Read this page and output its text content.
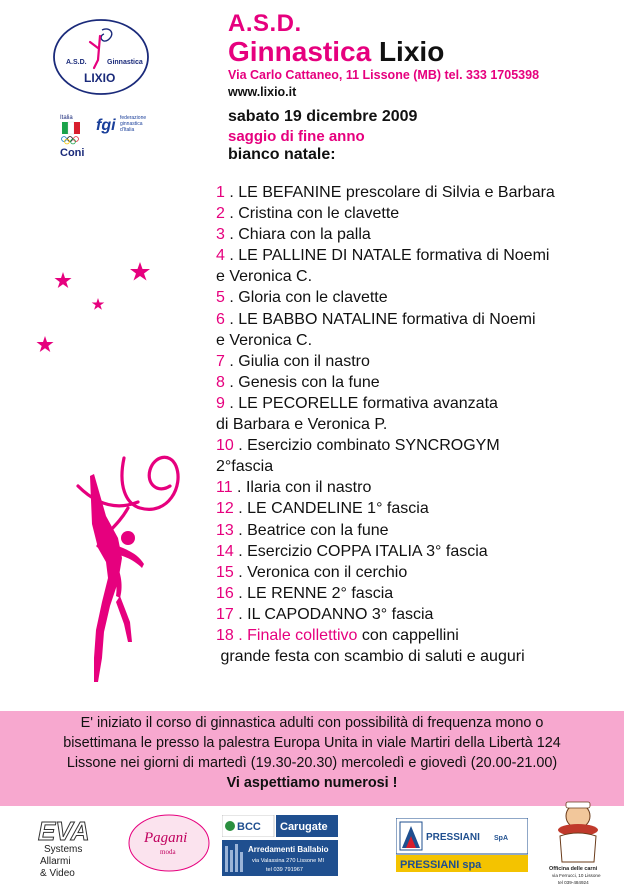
A.S.D.	Ginnastica
LIXIO
Italia
Coni
fgi federazione
ginnastica
d'Italia
A.S.D.
Ginnastica Lixio
Via Carlo Cattaneo, 11 Lissone (MB) tel. 333 1705398
www.lixio.it
sabato 19 dicembre 2009
saggio di fine anno
bianco natale:
1 . LE BEFANINE prescolare di Silvia e Barbara
2 . Cristina con le clavette
3 . Chiara con la palla
4 . LE PALLINE DI NATALE formativa di Noemi
e Veronica C.
5 . Gloria con le clavette
6 . LE BABBO NATALINE formativa di Noemi
e Veronica C.
7 . Giulia con il nastro
8 . Genesis con la fune
9 . LE PECORELLE formativa avanzata
di Barbara e Veronica P.
10 . Esercizio combinato SYNCROGYM
2°fascia
11 . Ilaria con il nastro
12 . LE CANDELINE 1° fascia
13 . Beatrice con la fune
14 . Esercizio COPPA ITALIA 3° fascia
15 . Veronica con il cerchio
16 . LE RENNE 2° fascia
17 . IL CAPODANNO 3° fascia
18 . Finale collettivo con cappellini
grande festa con scambio di saluti e auguri

E' iniziato il corso di ginnastica adulti con possibilità di frequenza mono o

bisettimana le presso la palestra Europa Unita in viale Martiri della Libertà 124

Lissone nei giorni di martedì (19.30-20.30) mercoledì e giovedì (20.00-21.00)

Vi aspettiamo numerosi !

EVA
Systems
Allarmi
& Video
Pagani
moda
BCC Carugate
Arredamenti Ballabio
via Valassina 270 Lissone MI
tel 039 791967
PRESSIANI SpA
PRESSIANI spa	Officina delle carni
via Ferrucci, 10 Lissone
tel 039-484924
